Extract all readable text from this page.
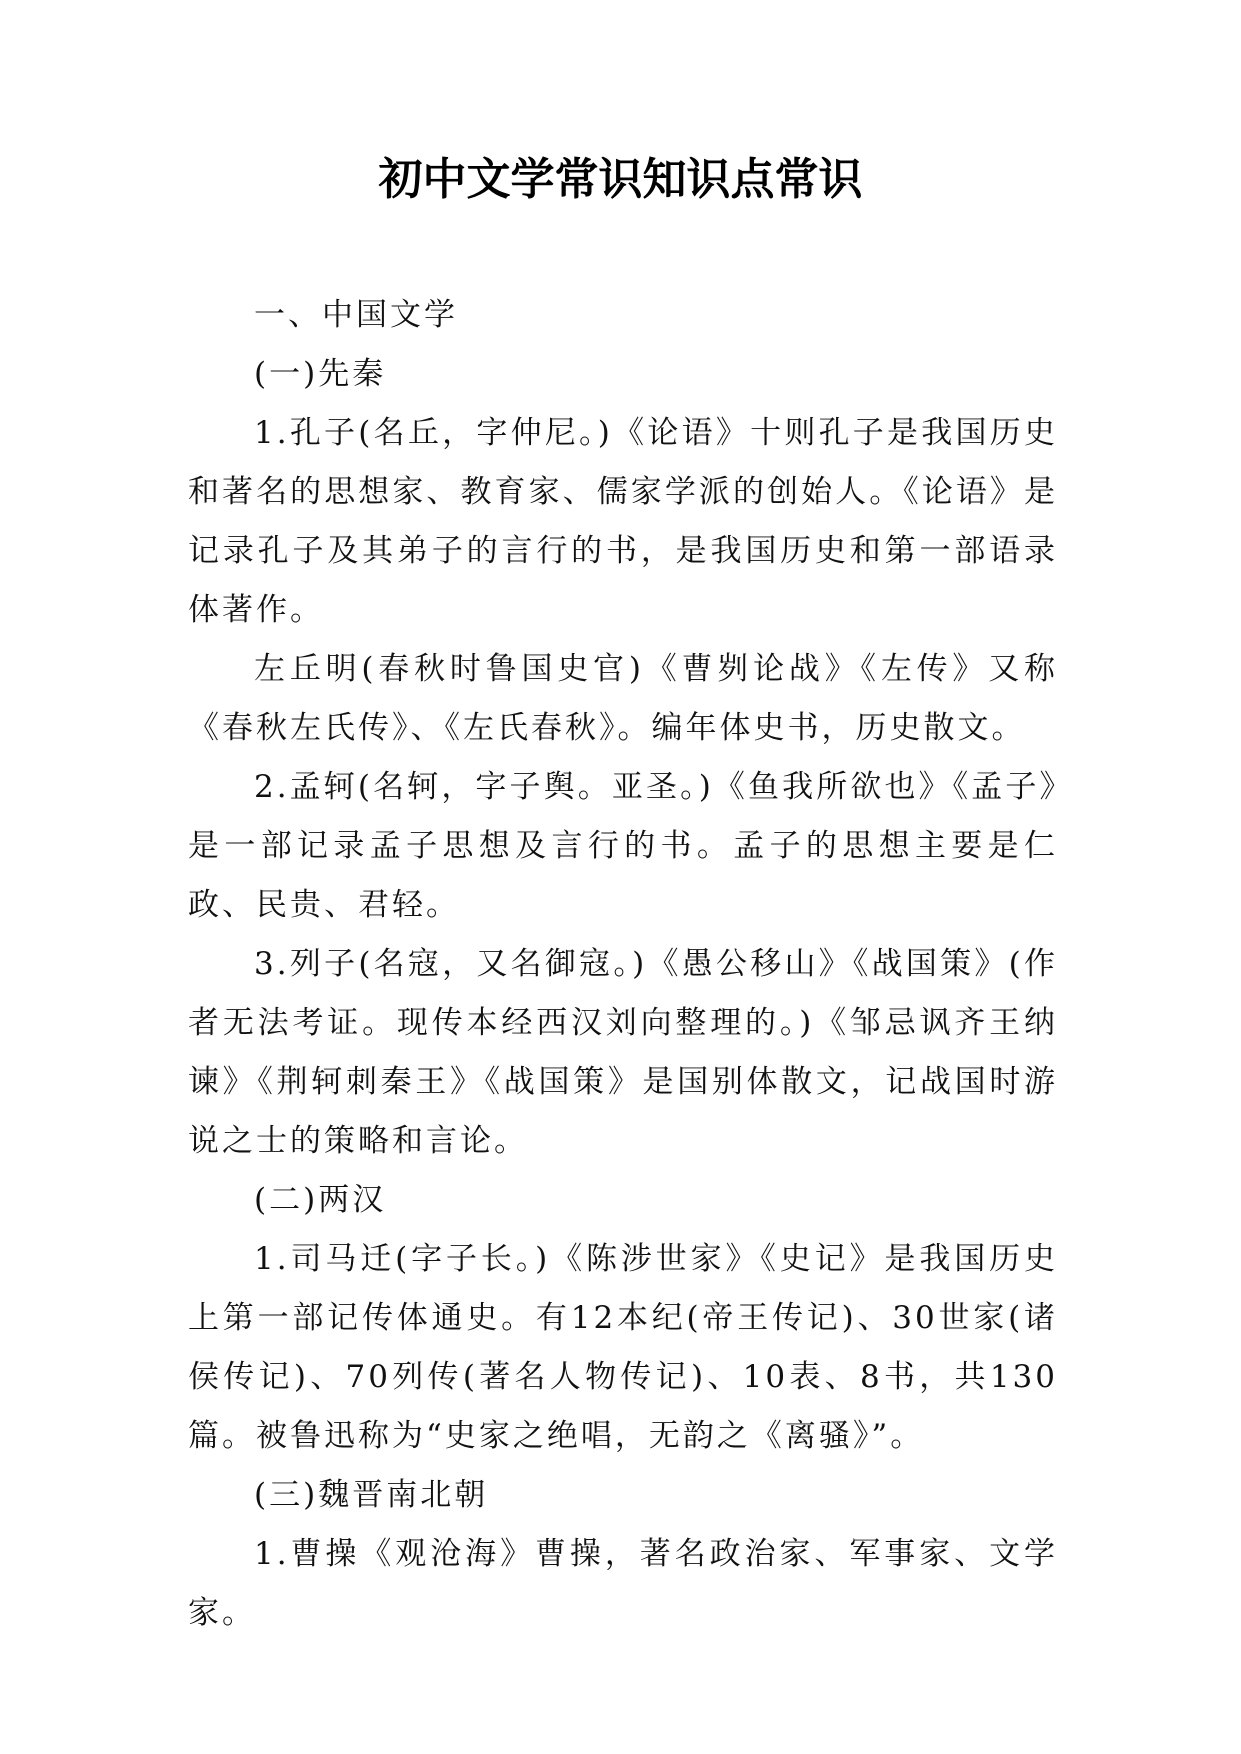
初中文学常识知识点常识

一、中国文学

(一)先秦

1.孔子(名丘，字仲尼。)《论语》十则孔子是我国历史和著名的思想家、教育家、儒家学派的创始人。《论语》是记录孔子及其弟子的言行的书，是我国历史和第一部语录体著作。

左丘明(春秋时鲁国史官)《曹刿论战》《左传》又称《春秋左氏传》、《左氏春秋》。编年体史书，历史散文。

2.孟轲(名轲，字子舆。亚圣。)《鱼我所欲也》《孟子》是一部记录孟子思想及言行的书。孟子的思想主要是仁政、民贵、君轻。

3.列子(名寇，又名御寇。)《愚公移山》《战国策》(作者无法考证。现传本经西汉刘向整理的。)《邹忌讽齐王纳谏》《荆轲刺秦王》《战国策》是国别体散文，记战国时游说之士的策略和言论。

(二)两汉

1.司马迁(字子长。)《陈涉世家》《史记》是我国历史上第一部记传体通史。有12本纪(帝王传记)、30世家(诸侯传记)、70列传(著名人物传记)、10表、8书，共130篇。被鲁迅称为“史家之绝唱，无韵之《离骚》”。

(三)魏晋南北朝

1.曹操《观沧海》曹操，著名政治家、军事家、文学家。
